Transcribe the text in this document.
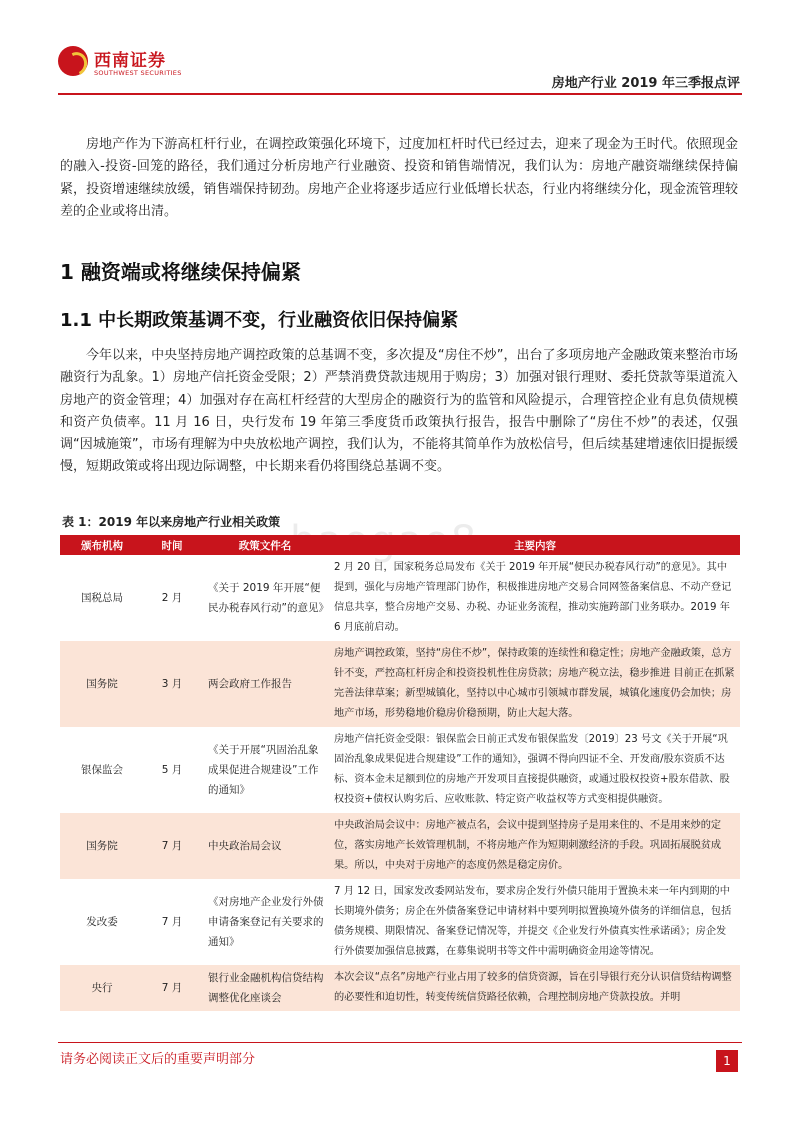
西南证券
SOUTHWEST SECURITIES
房地产行业 2019 年三季报点评

房地产作为下游高杠杆行业，在调控政策强化环境下，过度加杠杆时代已经过去，迎来了现金为王时代。依照现金的融入-投资-回笼的路径，我们通过分析房地产行业融资、投资和销售端情况，我们认为：房地产融资端继续保持偏紧，投资增速继续放缓，销售端保持韧劲。房地产企业将逐步适应行业低增长状态，行业内将继续分化，现金流管理较差的企业或将出清。

1 融资端或将继续保持偏紧
1.1 中长期政策基调不变，行业融资依旧保持偏紧

今年以来，中央坚持房地产调控政策的总基调不变，多次提及“房住不炒”，出台了多项房地产金融政策来整治市场融资行为乱象。1）房地产信托资金受限；2）严禁消费贷款违规用于购房；3）加强对银行理财、委托贷款等渠道流入房地产的资金管理；4）加强对存在高杠杆经营的大型房企的融资行为的监管和风险提示，合理管控企业有息负债规模和资产负债率。11 月 16 日，央行发布 19 年第三季度货币政策执行报告，报告中删除了“房住不炒”的表述，仅强调“因城施策”，市场有理解为中央放松地产调控，我们认为，不能将其简单作为放松信号，但后续基建增速依旧提振缓慢，短期政策或将出现边际调整，中长期来看仍将围绕总基调不变。

表 1：2019 年以来房地产行业相关政策
颁布机构	时间	政策文件名	主要内容
国税总局	2 月	《关于 2019 年开展“便民办税春风行动”的意见》	2 月 20 日，国家税务总局发布《关于 2019 年开展“便民办税春风行动”的意见》。其中提到，强化与房地产管理部门协作，积极推进房地产交易合同网签备案信息、不动产登记信息共享，整合房地产交易、办税、办证业务流程，推动实施跨部门业务联办。2019 年 6 月底前启动。
国务院	3 月	两会政府工作报告	房地产调控政策，坚持“房住不炒”，保持政策的连续性和稳定性；房地产金融政策，总方针不变，严控高杠杆房企和投资投机性住房贷款；房地产税立法，稳步推进 目前正在抓紧完善法律草案；新型城镇化，坚持以中心城市引领城市群发展，城镇化速度仍会加快；房地产市场，形势稳地价稳房价稳预期，防止大起大落。
银保监会	5 月	《关于开展“巩固治乱象成果促进合规建设”工作的通知》	房地产信托资金受限：银保监会日前正式发布银保监发〔2019〕23 号文《关于开展“巩固治乱象成果促进合规建设”工作的通知》，强调不得向四证不全、开发商/股东资质不达标、资本金未足额到位的房地产开发项目直接提供融资，或通过股权投资+股东借款、股权投资+债权认购劣后、应收账款、特定资产收益权等方式变相提供融资。
国务院	7 月	中央政治局会议	中央政治局会议中：房地产被点名，会议中提到坚持房子是用来住的、不是用来炒的定位，落实房地产长效管理机制，不将房地产作为短期刺激经济的手段。巩固拓展脱贫成果。所以，中央对于房地产的态度仍然是稳定房价。
发改委	7 月	《对房地产企业发行外债申请备案登记有关要求的通知》	7 月 12 日，国家发改委网站发布，要求房企发行外债只能用于置换未来一年内到期的中长期境外债务；房企在外债备案登记申请材料中要列明拟置换境外债务的详细信息，包括债务规模、期限情况、备案登记情况等，并提交《企业发行外债真实性承诺函》；房企发行外债要加强信息披露，在募集说明书等文件中需明确资金用途等情况。
央行	7 月	银行业金融机构信贷结构调整优化座谈会	本次会议“点名”房地产行业占用了较多的信贷资源，旨在引导银行充分认识信贷结构调整的必要性和迫切性，转变传统信贷路径依赖，合理控制房地产贷款投放。并明
请务必阅读正文后的重要声明部分	1
